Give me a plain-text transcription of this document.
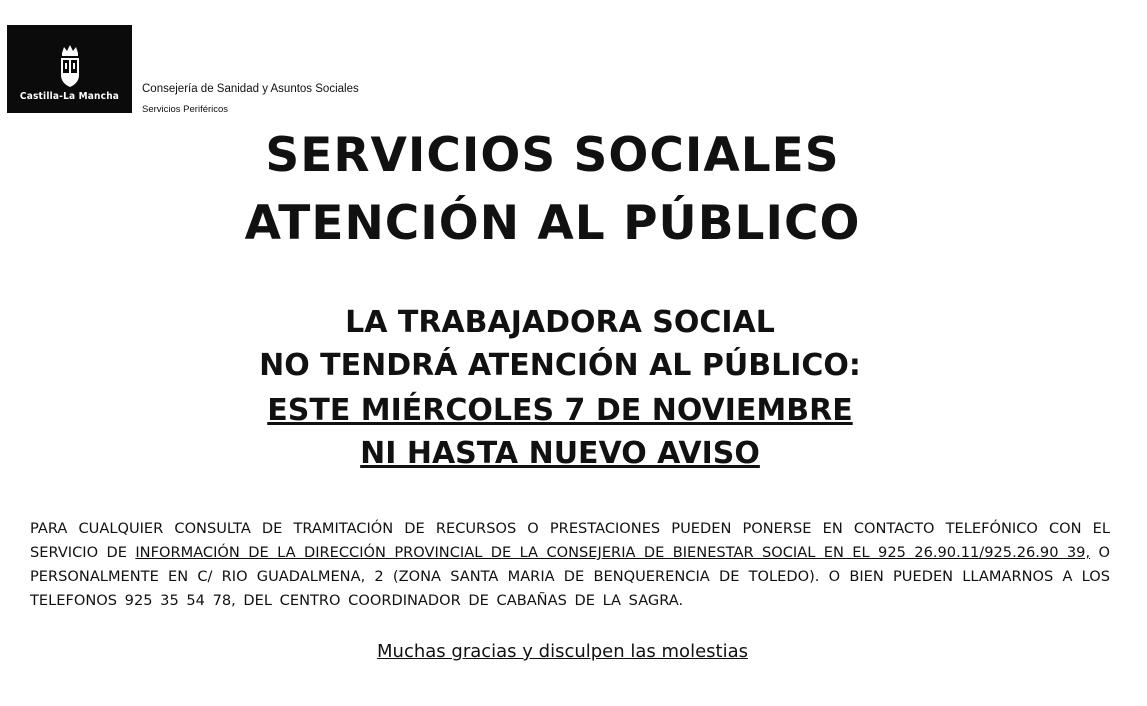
Castilla-La Mancha
Consejería de Sanidad y Asuntos Sociales
Servicios Periféricos
SERVICIOS SOCIALES
ATENCIÓN AL PÚBLICO
LA TRABAJADORA SOCIAL
NO TENDRÁ ATENCIÓN AL PÚBLICO:
ESTE MIÉRCOLES 7 DE NOVIEMBRE
NI HASTA NUEVO AVISO
PARA CUALQUIER CONSULTA DE TRAMITACIÓN DE RECURSOS O PRESTACIONES PUEDEN PONERSE EN CONTACTO TELEFÓNICO CON EL SERVICIO DE INFORMACIÓN DE LA DIRECCIÓN PROVINCIAL DE LA CONSEJERIA DE BIENESTAR SOCIAL EN EL 925 26.90.11/925.26.90 39, O PERSONALMENTE EN C/ RIO GUADALMENA, 2 (ZONA SANTA MARIA DE BENQUERENCIA DE TOLEDO). O BIEN PUEDEN LLAMARNOS A LOS TELEFONOS 925 35 54 78, DEL CENTRO COORDINADOR DE CABAÑAS DE LA SAGRA.
Muchas gracias y disculpen las molestias
